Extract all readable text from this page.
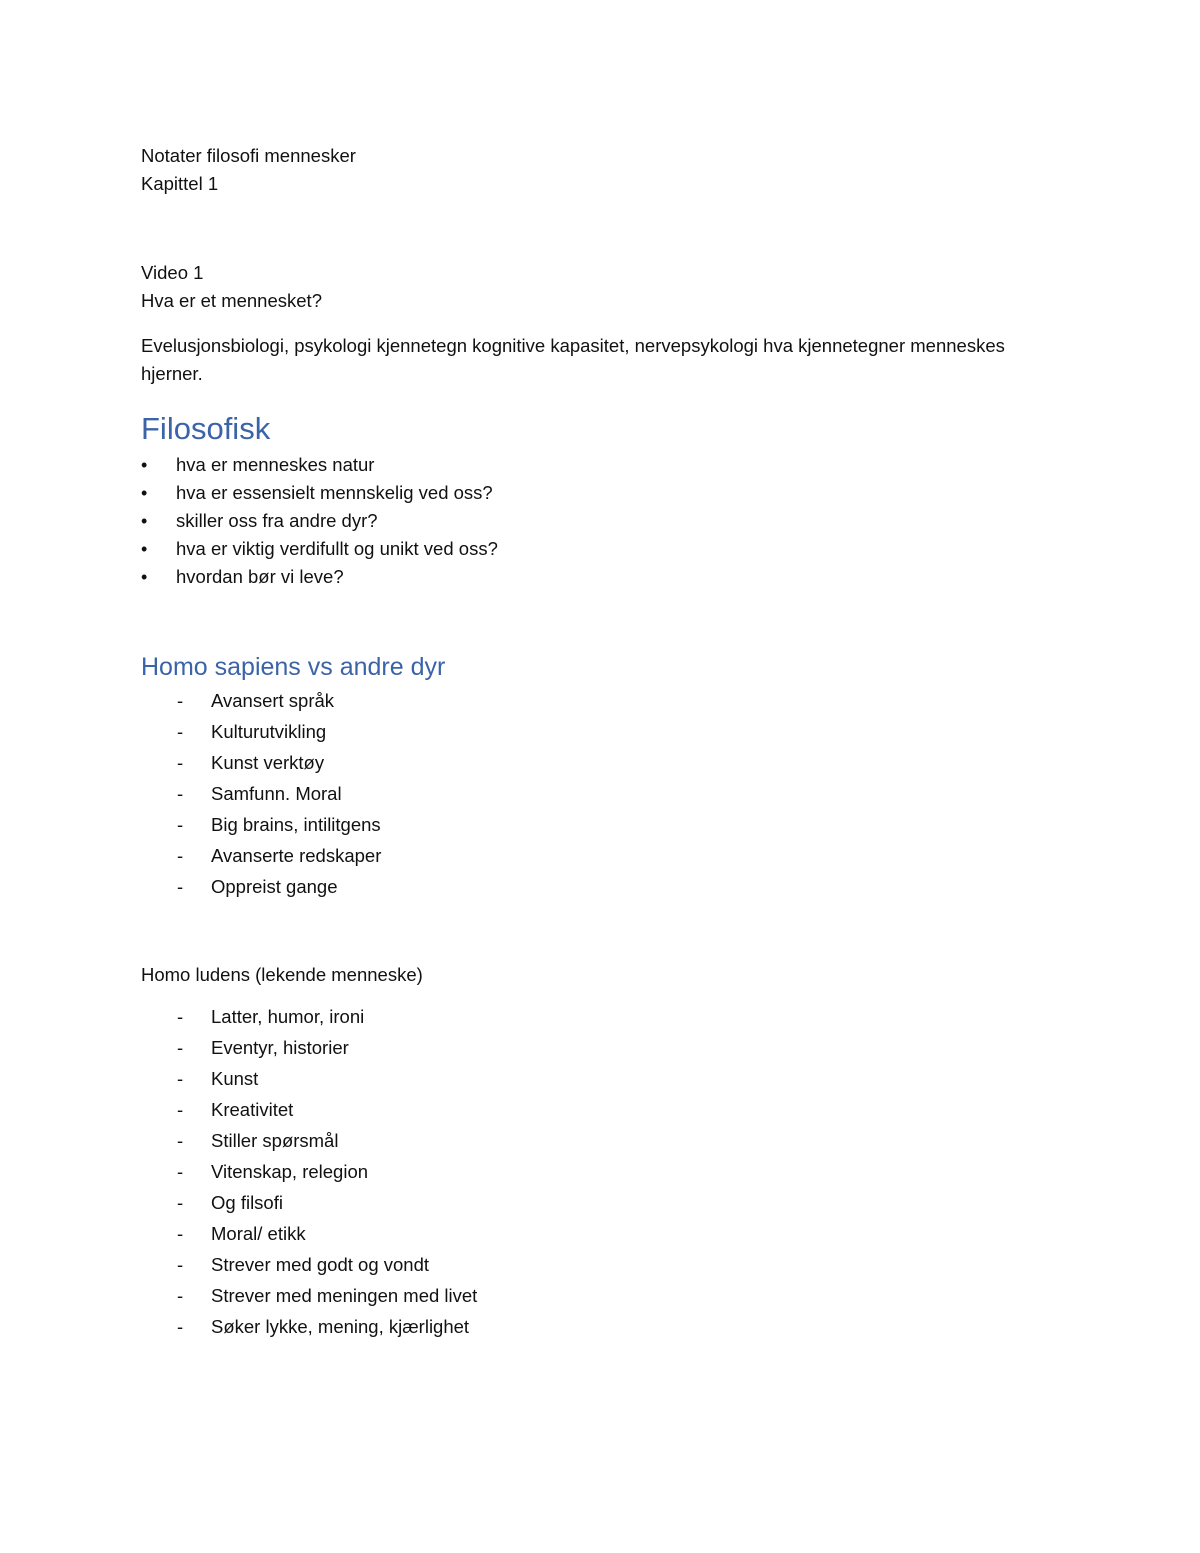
Notater filosofi mennesker

Kapittel 1

Video 1

Hva er et mennesket?

Evelusjonsbiologi, psykologi kjennetegn kognitive kapasitet, nervepsykologi hva kjennetegner menneskes hjerner.

Filosofisk
• hva er menneskes natur
• hva er essensielt mennskelig ved oss?
• skiller oss fra andre dyr?
• hva er viktig verdifullt og unikt ved oss?
• hvordan bør vi leve?
Homo sapiens vs andre dyr
- Avansert språk
- Kulturutvikling
- Kunst verktøy
- Samfunn. Moral
- Big brains, intilitgens
- Avanserte redskaper
- Oppreist gange

Homo ludens (lekende menneske)

- Latter, humor, ironi
- Eventyr, historier
- Kunst
- Kreativitet
- Stiller spørsmål
- Vitenskap, relegion
- Og filsofi
- Moral/ etikk
- Strever med godt og vondt
- Strever med meningen med livet
- Søker lykke, mening, kjærlighet
